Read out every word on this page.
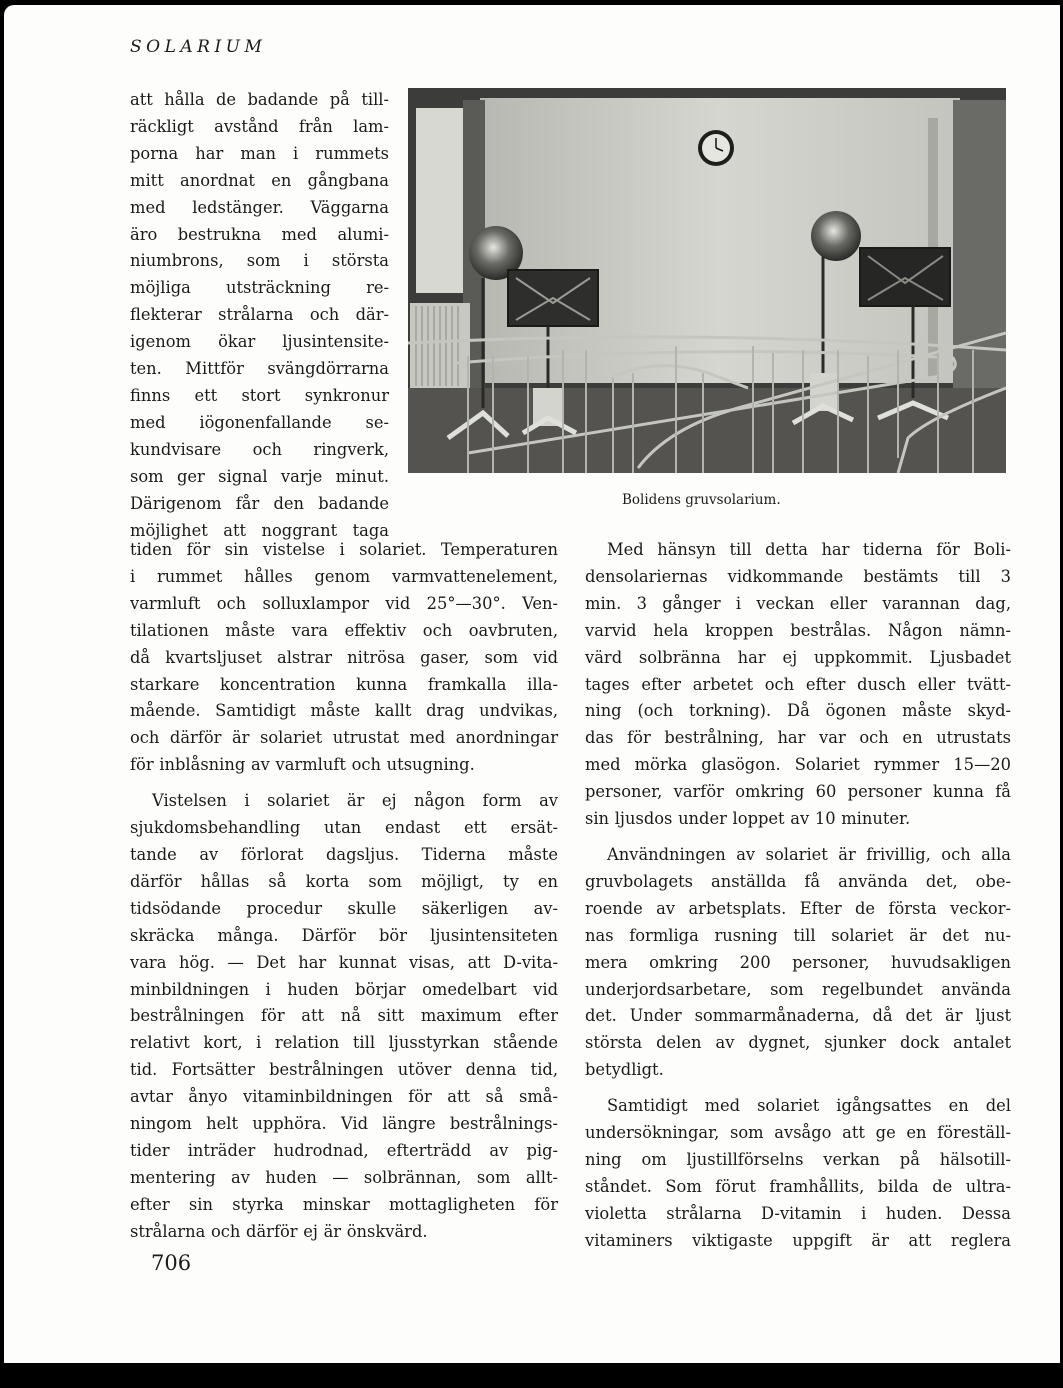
SOLARIUM
att hålla de badande på till-
räckligt avstånd från lam-
porna har man i rummets
mitt anordnat en gångbana
med ledstänger. Väggarna
äro bestrukna med alumi-
niumbrons, som i största
möjliga utsträckning re-
flekterar strålarna och där-
igenom ökar ljusintensite-
ten. Mittför svängdörrarna
finns ett stort synkronur
med iögonenfallande se-
kundvisare och ringverk,
som ger signal varje minut.
Därigenom får den badande
möjlighet att noggrant taga
Bolidens gruvsolarium.
tiden för sin vistelse i solariet. Temperaturen
i rummet hålles genom varmvattenelement,
varmluft och solluxlampor vid 25°—30°. Ven-
tilationen måste vara effektiv och oavbruten,
då kvartsljuset alstrar nitrösa gaser, som vid
starkare koncentration kunna framkalla illa-
mående. Samtidigt måste kallt drag undvikas,
och därför är solariet utrustat med anordningar
för inblåsning av varmluft och utsugning.
Vistelsen i solariet är ej någon form av
sjukdomsbehandling utan endast ett ersät-
tande av förlorat dagsljus. Tiderna måste
därför hållas så korta som möjligt, ty en
tidsödande procedur skulle säkerligen av-
skräcka många. Därför bör ljusintensiteten
vara hög. — Det har kunnat visas, att D-vita-
minbildningen i huden börjar omedelbart vid
bestrålningen för att nå sitt maximum efter
relativt kort, i relation till ljusstyrkan stående
tid. Fortsätter bestrålningen utöver denna tid,
avtar ånyo vitaminbildningen för att så små-
ningom helt upphöra. Vid längre bestrålnings-
tider inträder hudrodnad, efterträdd av pig-
mentering av huden — solbrännan, som allt-
efter sin styrka minskar mottagligheten för
strålarna och därför ej är önskvärd.
Med hänsyn till detta har tiderna för Boli-
densolariernas vidkommande bestämts till 3
min. 3 gånger i veckan eller varannan dag,
varvid hela kroppen bestrålas. Någon nämn-
värd solbränna har ej uppkommit. Ljusbadet
tages efter arbetet och efter dusch eller tvätt-
ning (och torkning). Då ögonen måste skyd-
das för bestrålning, har var och en utrustats
med mörka glasögon. Solariet rymmer 15—20
personer, varför omkring 60 personer kunna få
sin ljusdos under loppet av 10 minuter.
Användningen av solariet är frivillig, och alla
gruvbolagets anställda få använda det, obe-
roende av arbetsplats. Efter de första veckor-
nas formliga rusning till solariet är det nu-
mera omkring 200 personer, huvudsakligen
underjordsarbetare, som regelbundet använda
det. Under sommarmånaderna, då det är ljust
största delen av dygnet, sjunker dock antalet
betydligt.
Samtidigt med solariet igångsattes en del
undersökningar, som avsågo att ge en föreställ-
ning om ljustillförselns verkan på hälsotill-
ståndet. Som förut framhållits, bilda de ultra-
violetta strålarna D-vitamin i huden. Dessa
vitaminers viktigaste uppgift är att reglera
706
